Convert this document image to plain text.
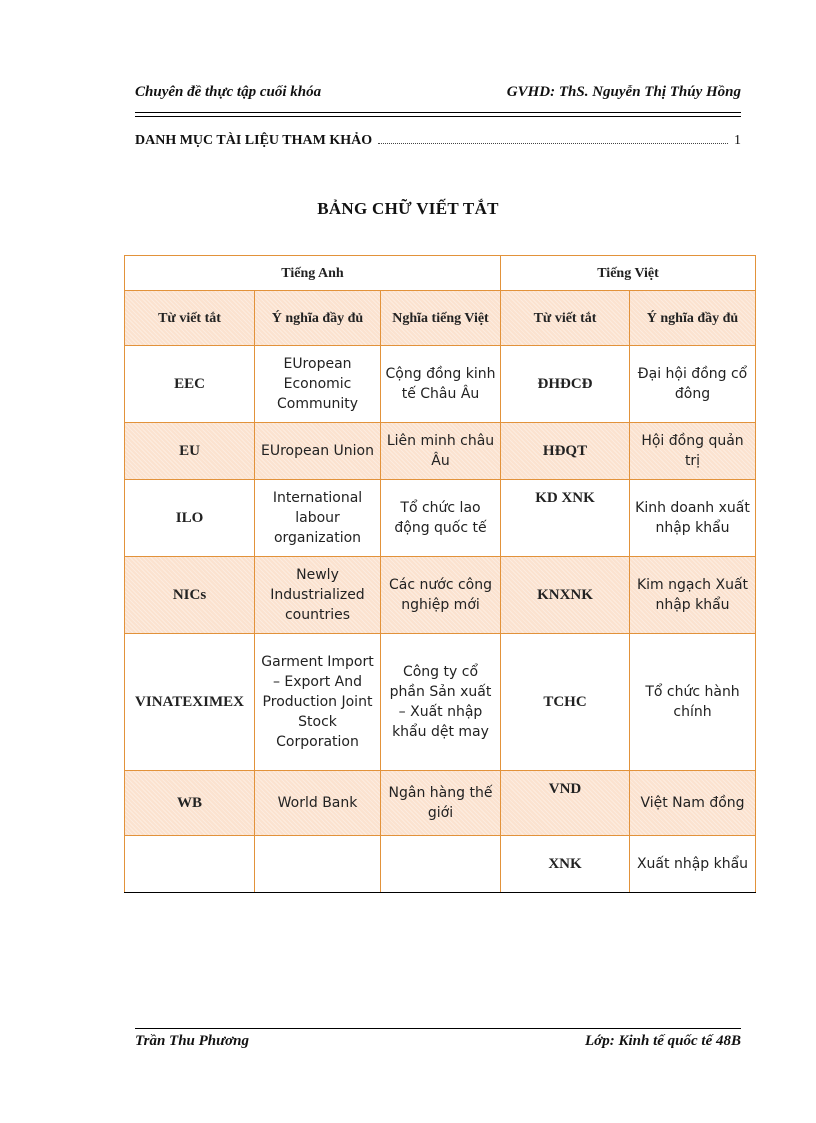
Chuyên đề thực tập cuối khóa	GVHD: ThS. Nguyễn Thị Thúy Hồng
DANH MỤC TÀI LIỆU THAM KHẢO	1
BẢNG CHỮ VIẾT TẮT
Tiếng Anh			Tiếng Việt	
Từ viết tắt	Ý nghĩa đầy đủ	Nghĩa tiếng Việt	Từ viết tắt	Ý nghĩa đầy đủ
EEC	EUropean Economic Community	Cộng đồng kinh tế Châu Âu	ĐHĐCĐ	Đại hội đồng cổ đông
EU	EUropean Union	Liên minh châu Âu	HĐQT	Hội đồng quản trị
ILO	International labour organization	Tổ chức lao động quốc tế	KD XNK	Kinh doanh xuất nhập khẩu
NICs	Newly Industrialized countries	Các nước công nghiệp mới	KNXNK	Kim ngạch Xuất nhập khẩu
VINATEXIMEX	Garment Import – Export And Production Joint Stock Corporation	Công ty cổ phần Sản xuất – Xuất nhập khẩu dệt may	TCHC	Tổ chức hành chính
WB	World Bank	Ngân hàng thế giới	VND	Việt Nam đồng
			XNK	Xuất nhập khẩu
Trần Thu Phương	Lớp: Kinh tế quốc tế 48B
